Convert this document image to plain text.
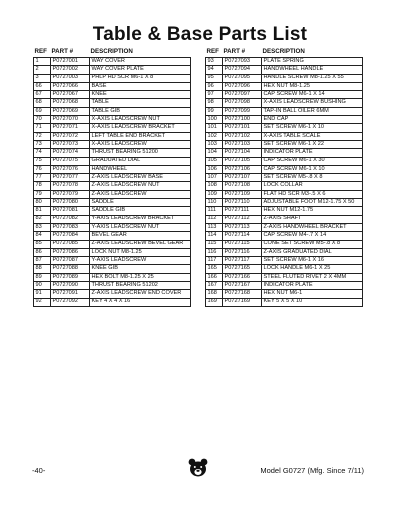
Table & Base Parts List
REF	PART #	DESCRIPTION
1	P0727001	WAY COVER
2	P0727002	WAY COVER PLATE
3	P0727003	PHLP HD SCR M6-1 X 8
66	P0727066	BASE
67	P0727067	KNEE
68	P0727068	TABLE
69	P0727069	TABLE GIB
70	P0727070	X-AXIS LEADSCREW NUT
71	P0727071	X-AXIS LEADSCREW BRACKET
72	P0727072	LEFT TABLE END BRACKET
73	P0727073	X-AXIS LEADSCREW
74	P0727074	THRUST BEARING 51200
75	P0727075	GRADUATED DIAL
76	P0727076	HANDWHEEL
77	P0727077	Z-AXIS LEADSCREW BASE
78	P0727078	Z-AXIS LEADSCREW NUT
79	P0727079	Z-AXIS LEADSCREW
80	P0727080	SADDLE
81	P0727081	SADDLE GIB
82	P0727082	Y-AXIS LEADSCREW BRACKET
83	P0727083	Y-AXIS LEADSCREW NUT
84	P0727084	BEVEL GEAR
85	P0727085	Z-AXIS LEADSCREW BEVEL GEAR
86	P0727086	LOCK NUT M8-1.25
87	P0727087	Y-AXIS LEADSCREW
88	P0727088	KNEE GIB
89	P0727089	HEX BOLT M8-1.25 X 25
90	P0727090	THRUST BEARING 51202
91	P0727091	Z-AXIS LEADSCREW END COVER
92	P0727092	KEY 4 X 4 X 16
REF	PART #	DESCRIPTION
93	P0727093	PLATE SPRING
94	P0727094	HANDWHEEL HANDLE
95	P0727095	HANDLE SCREW M8-1.25 X 55
96	P0727096	HEX NUT M8-1.25
97	P0727097	CAP SCREW M6-1 X 14
98	P0727098	X-AXIS LEADSCREW BUSHING
99	P0727099	TAP-IN BALL OILER 6MM
100	P0727100	END CAP
101	P0727101	SET SCREW M6-1 X 10
102	P0727102	X-AXIS TABLE SCALE
103	P0727103	SET SCREW M6-1 X 22
104	P0727104	INDICATOR PLATE
105	P0727105	CAP SCREW M6-1 X 30
106	P0727106	CAP SCREW M6-1 X 10
107	P0727107	SET SCREW M5-.8 X 8
108	P0727108	LOCK COLLAR
109	P0727109	FLAT HD SCR M3-.5 X 6
110	P0727110	ADJUSTABLE FOOT M12-1.75 X 50
111	P0727111	HEX NUT M12-1.75
112	P0727112	Z-AXIS SHAFT
113	P0727113	Z-AXIS HANDWHEEL BRACKET
114	P0727114	CAP SCREW M4-.7 X 14
115	P0727115	CONE SET SCREW M5-.8 X 8
116	P0727116	Z-AXIS GRADUATED DIAL
117	P0727117	SET SCREW M6-1 X 16
165	P0727165	LOCK HANDLE M6-1 X 25
166	P0727166	STEEL FLUTED RIVET 2 X 4MM
167	P0727167	INDICATOR PLATE
168	P0727168	HEX NUT M6-1
169	P0727169	KEY 5 X 5 X 10
-40-	Model G0727 (Mfg. Since 7/11)
